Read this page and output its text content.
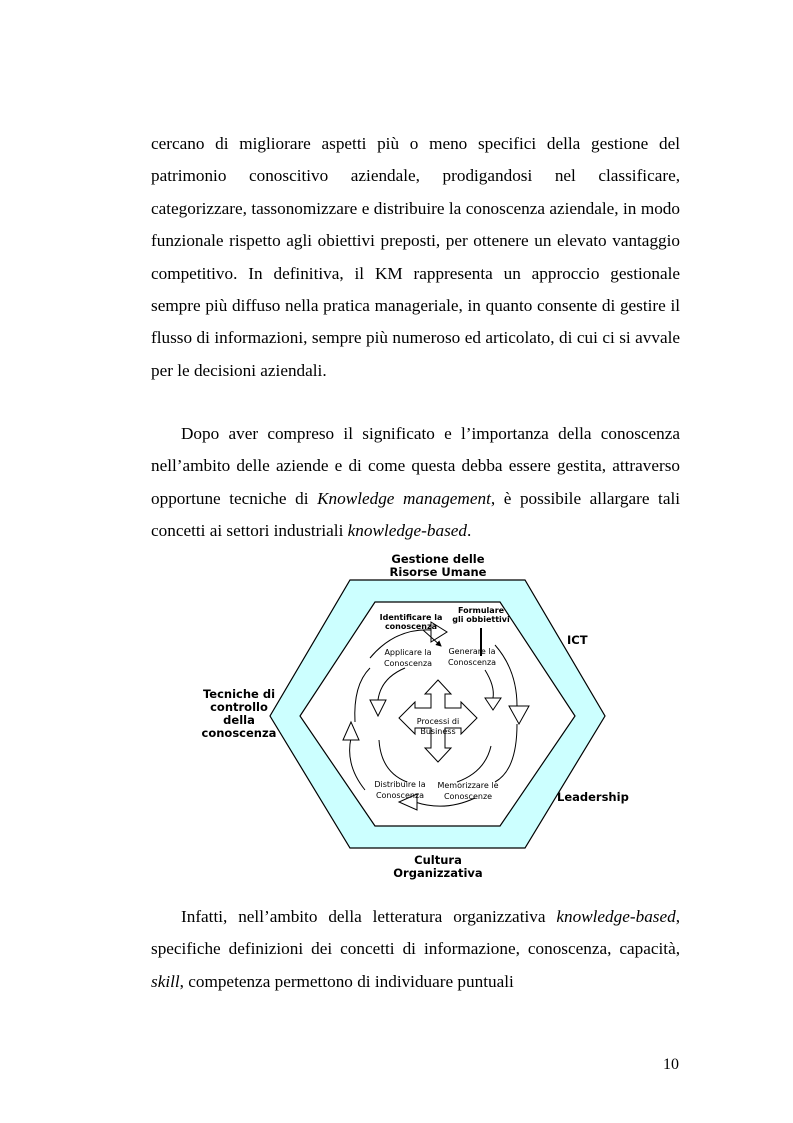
cercano di migliorare aspetti più o meno specifici della gestione del patrimonio conoscitivo aziendale, prodigandosi nel classificare, categorizzare, tassonomizzare e distribuire la conoscenza aziendale, in modo funzionale rispetto agli obiettivi preposti, per ottenere un elevato vantaggio competitivo. In definitiva, il KM rappresenta un approccio gestionale sempre più diffuso nella pratica manageriale, in quanto consente di gestire il flusso di informazioni, sempre più numeroso ed articolato, di cui ci si avvale per le decisioni aziendali.

Dopo aver compreso il significato e l’importanza della conoscenza nell’ambito delle aziende e di come questa debba essere gestita, attraverso opportune tecniche di Knowledge management, è possibile allargare tali concetti ai settori industriali knowledge-based.

Gestione delle
Risorse Umane
ICT
Tecniche di
controllo
della
conoscenza
Leadership
Cultura
Organizzativa
Identificare la
conoscenza
Formulare
gli obbiettivi
Applicare la
Conoscenza
Generare la
Conoscenza
Processi di
Business
Distribuire la
Conoscenza
Memorizzare le
Conoscenze

Infatti, nell’ambito della letteratura organizzativa knowledge-based, specifiche definizioni dei concetti di informazione, conoscenza, capacità, skill, competenza permettono di individuare puntuali

10
